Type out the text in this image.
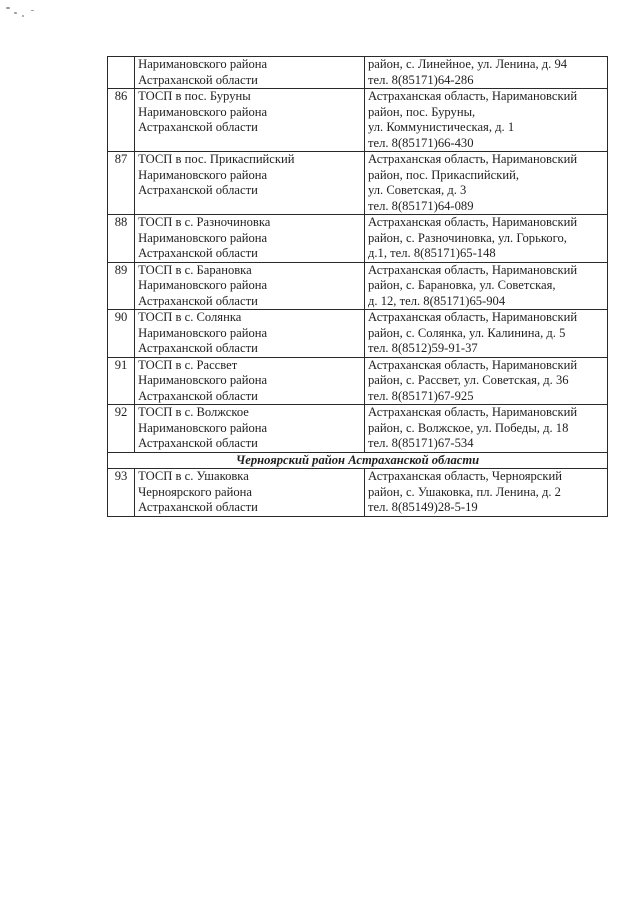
	Наримановского района
Астраханской области	район, с. Линейное, ул. Ленина, д. 94
тел. 8(85171)64-286

86	ТОСП в пос. Буруны
Наримановского района
Астраханской области	Астраханская область, Наримановский
район, пос. Буруны,
ул. Коммунистическая, д. 1
тел. 8(85171)66-430

87	ТОСП в пос. Прикаспийский
Наримановского района
Астраханской области	Астраханская область, Наримановский
район, пос. Прикаспийский,
ул. Советская, д. 3
тел. 8(85171)64-089

88	ТОСП в с. Разночиновка
Наримановского района
Астраханской области	Астраханская область, Наримановский
район, с. Разночиновка, ул. Горького,
д.1, тел. 8(85171)65-148

89	ТОСП в с. Барановка
Наримановского района
Астраханской области	Астраханская область, Наримановский
район, с. Барановка, ул. Советская,
д. 12, тел. 8(85171)65-904

90	ТОСП в с. Солянка
Наримановского района
Астраханской области	Астраханская область, Наримановский
район, с. Солянка, ул. Калинина, д. 5
тел. 8(8512)59-91-37

91	ТОСП в с. Рассвет
Наримановского района
Астраханской области	Астраханская область, Наримановский
район, с. Рассвет, ул. Советская, д. 36
тел. 8(85171)67-925

92	ТОСП в с. Волжское
Наримановского района
Астраханской области	Астраханская область, Наримановский
район, с. Волжское, ул. Победы, д. 18
тел. 8(85171)67-534

Черноярский район Астраханской области		
93	ТОСП в с. Ушаковка
Черноярского района
Астраханской области	Астраханская область, Черноярский
район, с. Ушаковка, пл. Ленина, д. 2
тел. 8(85149)28-5-19
